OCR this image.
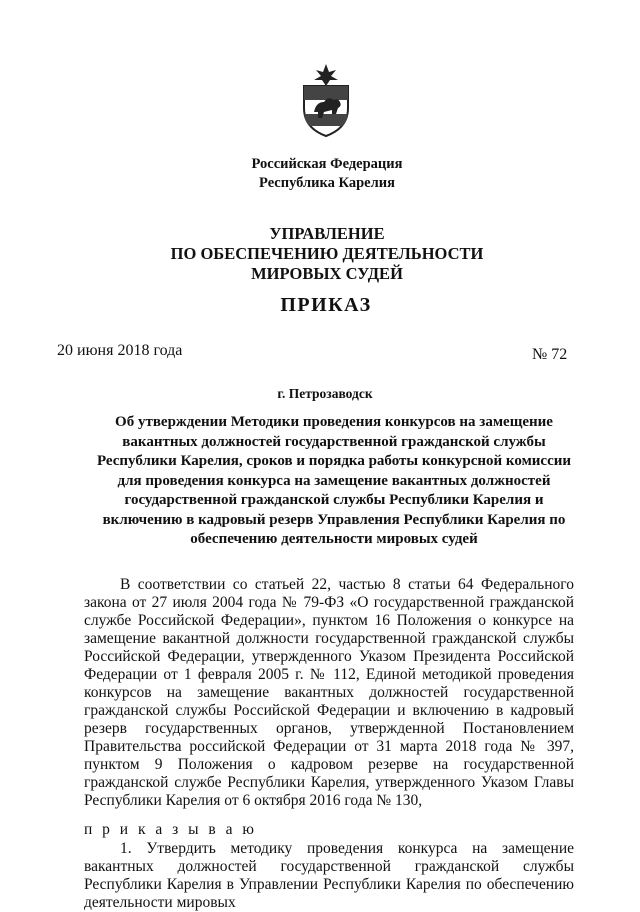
Российская Федерация
Республика Карелия
УПРАВЛЕНИЕ
ПО ОБЕСПЕЧЕНИЮ ДЕЯТЕЛЬНОСТИ
МИРОВЫХ СУДЕЙ
ПРИКАЗ
20 июня 2018 года	№ 72
г. Петрозаводск
Об утверждении Методики проведения конкурсов на замещение
вакантных должностей государственной гражданской службы
Республики Карелия, сроков и порядка работы конкурсной комиссии
для проведения конкурса на замещение вакантных должностей
государственной гражданской службы Республики Карелия и
включению в кадровый резерв Управления Республики Карелия по
обеспечению деятельности мировых судей

В соответствии со статьей 22, частью 8 статьи 64 Федерального закона от 27 июля 2004 года № 79-ФЗ «О государственной гражданской службе Российской Федерации», пунктом 16 Положения о конкурсе на замещение вакантной должности государственной гражданской службы Российской Федерации, утвержденного Указом Президента Российской Федерации от 1 февраля 2005 г. № 112, Единой методикой проведения конкурсов на замещение вакантных должностей государственной гражданской службы Российской Федерации и включению в кадровый резерв государственных органов, утвержденной Постановлением Правительства российской Федерации от 31 марта 2018 года № 397, пунктом 9 Положения о кадровом резерве на государственной гражданской службе Республики Карелия, утвержденного Указом Главы Республики Карелия от 6 октября 2016 года № 130,

п р и к а з ы в а ю
1. Утвердить методику проведения конкурса на замещение вакантных должностей государственной гражданской службы Республики Карелия в Управлении Республики Карелия по обеспечению деятельности мировых
